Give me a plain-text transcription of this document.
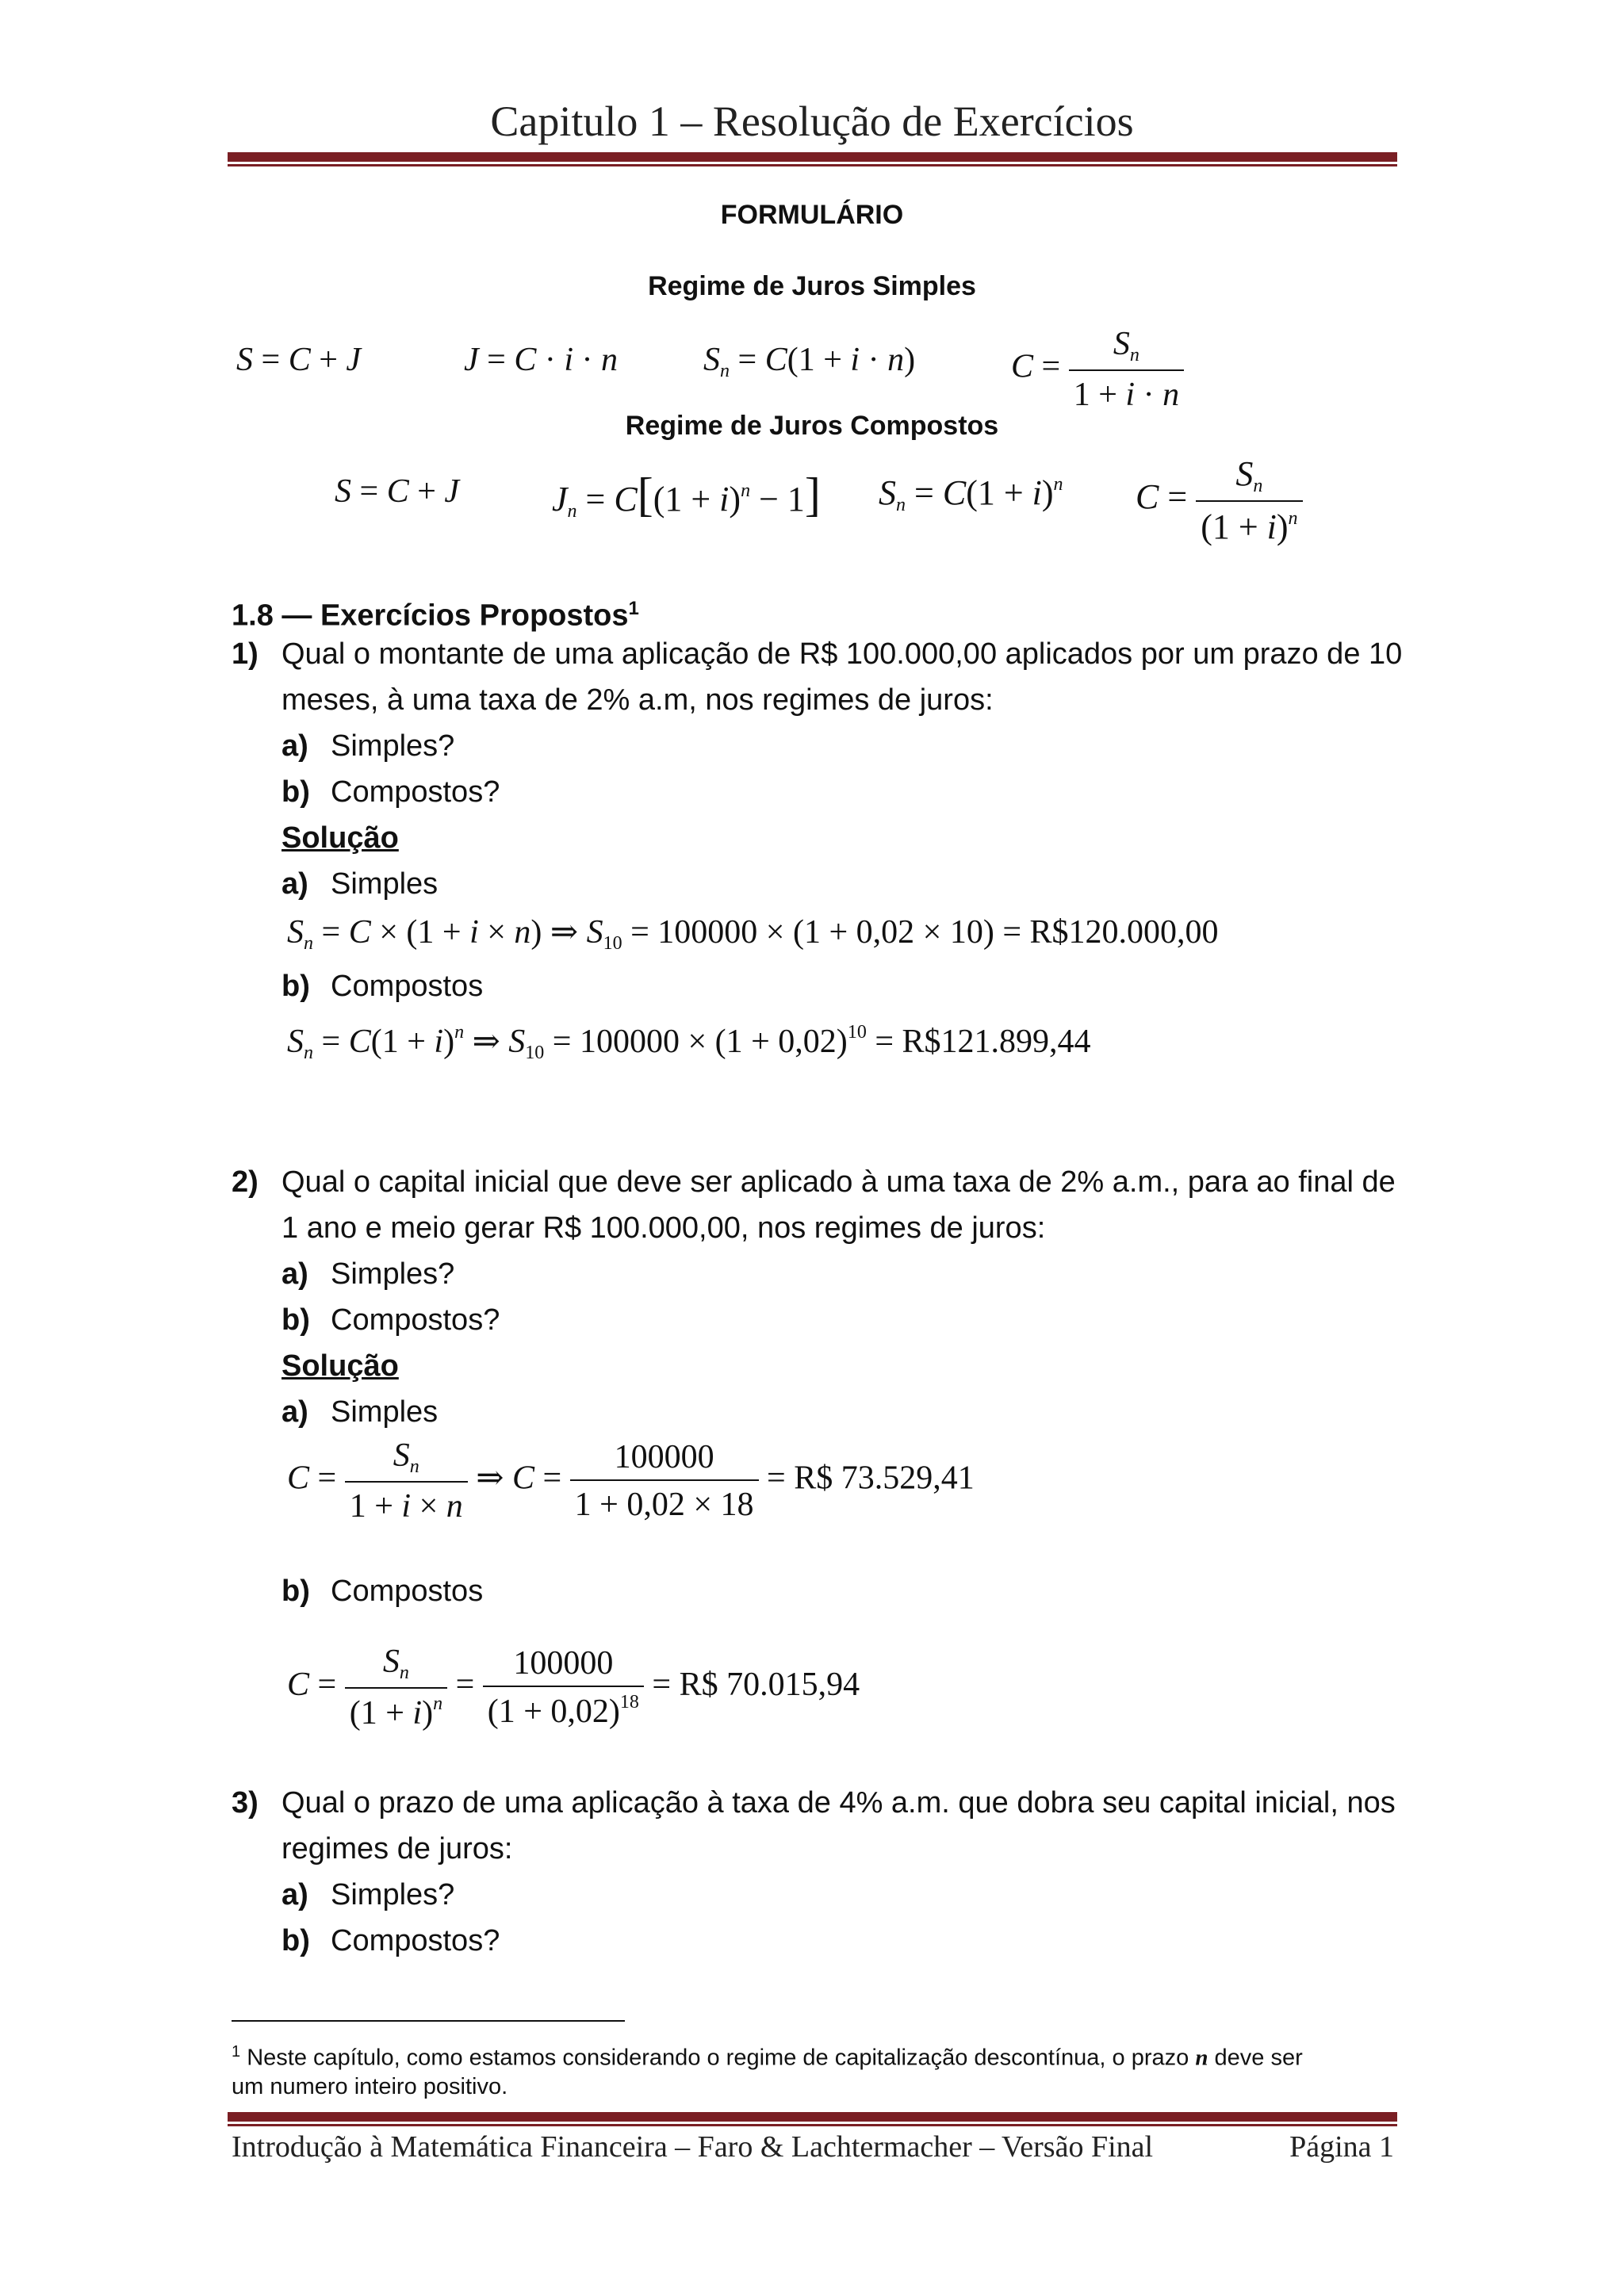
Capitulo 1 – Resolução de Exercícios
FORMULÁRIO
Regime de Juros Simples
S = C + J	J = C · i · n	$S_n = C(1 + i \cdot n)$	$C = \frac{S_n}{1 + i \cdot n}$
Regime de Juros Compostos
S = C + J	$J_n = C[(1 + i)^n - 1] S_n = C(1 + i)^n$ $C = \frac{S_n}{(1 + i)^n}$
1.8 — Exercícios Propostos$^1$
1) Qual o montante de uma aplicação de R$ 100.000,00 aplicados por um prazo de 10
meses, à uma taxa de 2% a.m, nos regimes de juros:
a) Simples?
b) Compostos?
Solução
a) Simples
$S_n = C \times (1 + i \times n)$ ⇒ $S_{10} = 100000 \times (1 + 0,02 \times 10)$ = R$120.000,00
b) Compostos
$S_n = C(1 + i)^n$ ⇒ $S_{10} = 100000 \times (1 + 0,02)^{10}$ = R$121.899,44
2) Qual o capital inicial que deve ser aplicado à uma taxa de 2% a.m., para ao final de
1 ano e meio gerar R$ 100.000,00, nos regimes de juros:
a) Simples?
b) Compostos?
Solução
a) Simples
$C = \frac{S_n}{1 + i \times n}$ ⇒ $C = \frac{100000}{1 + 0,02 \times 18}$ = R$ 73.529,41
b) Compostos
$C = \frac{S_n}{(1 + i)^n} = \frac{100000}{(1 + 0,02)^{18}}$ = R$ 70.015,94
3) Qual o prazo de uma aplicação à taxa de 4% a.m. que dobra seu capital inicial, nos
regimes de juros:
a) Simples?
b) Compostos?
$^1$ Neste capítulo, como estamos considerando o regime de capitalização descontínua, o prazo n deve ser
um numero inteiro positivo.
Introdução à Matemática Financeira – Faro & Lachtermacher – Versão Final	Página 1
